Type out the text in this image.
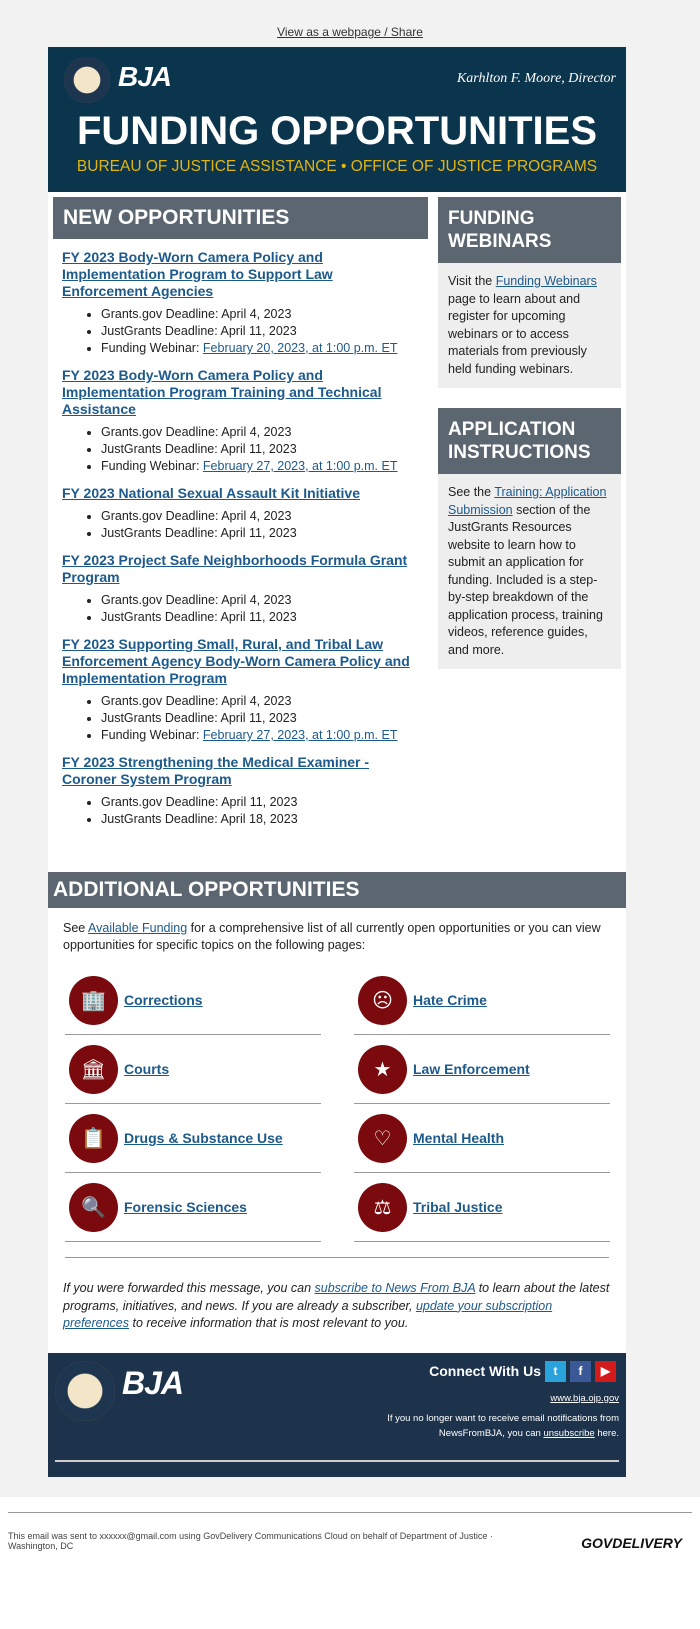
View as a webpage / Share
BJA	Karhlton F. Moore, Director
FUNDING OPPORTUNITIES
BUREAU OF JUSTICE ASSISTANCE • OFFICE OF JUSTICE PROGRAMS
NEW OPPORTUNITIES
FY 2023 Body-Worn Camera Policy and Implementation Program to Support Law Enforcement Agencies
• Grants.gov Deadline: April 4, 2023
• JustGrants Deadline: April 11, 2023
• Funding Webinar: February 20, 2023, at 1:00 p.m. ET
FY 2023 Body-Worn Camera Policy and Implementation Program Training and Technical Assistance
• Grants.gov Deadline: April 4, 2023
• JustGrants Deadline: April 11, 2023
• Funding Webinar: February 27, 2023, at 1:00 p.m. ET
FY 2023 National Sexual Assault Kit Initiative
• Grants.gov Deadline: April 4, 2023
• JustGrants Deadline: April 11, 2023
FY 2023 Project Safe Neighborhoods Formula Grant Program
• Grants.gov Deadline: April 4, 2023
• JustGrants Deadline: April 11, 2023
FY 2023 Supporting Small, Rural, and Tribal Law Enforcement Agency Body-Worn Camera Policy and Implementation Program
• Grants.gov Deadline: April 4, 2023
• JustGrants Deadline: April 11, 2023
• Funding Webinar: February 27, 2023, at 1:00 p.m. ET
FY 2023 Strengthening the Medical Examiner - Coroner System Program
• Grants.gov Deadline: April 11, 2023
• JustGrants Deadline: April 18, 2023
FUNDING WEBINARS
Visit the Funding Webinars page to learn about and register for upcoming webinars or to access materials from previously held funding webinars.
APPLICATION INSTRUCTIONS
See the Training: Application Submission section of the JustGrants Resources website to learn how to submit an application for funding. Included is a step-by-step breakdown of the application process, training videos, reference guides, and more.
ADDITIONAL OPPORTUNITIES
See Available Funding for a comprehensive list of all currently open opportunities or you can view opportunities for specific topics on the following pages:
🏢	Corrections	☹	Hate Crime
🏛	Courts	★	Law Enforcement
📋	Drugs & Substance Use	♡	Mental Health
🔍	Forensic Sciences	⚖	Tribal Justice
If you were forwarded this message, you can subscribe to News From BJA to learn about the latest programs, initiatives, and news. If you are already a subscriber, update your subscription preferences to receive information that is most relevant to you.
BJA	Connect With Us	t	f	▶
www.bja.ojp.gov
If you no longer want to receive email notifications from
NewsFromBJA, you can unsubscribe here.
This email was sent to xxxxxx@gmail.com using GovDelivery Communications Cloud on behalf of Department of Justice ·
Washington, DC	GOVDELIVERY
